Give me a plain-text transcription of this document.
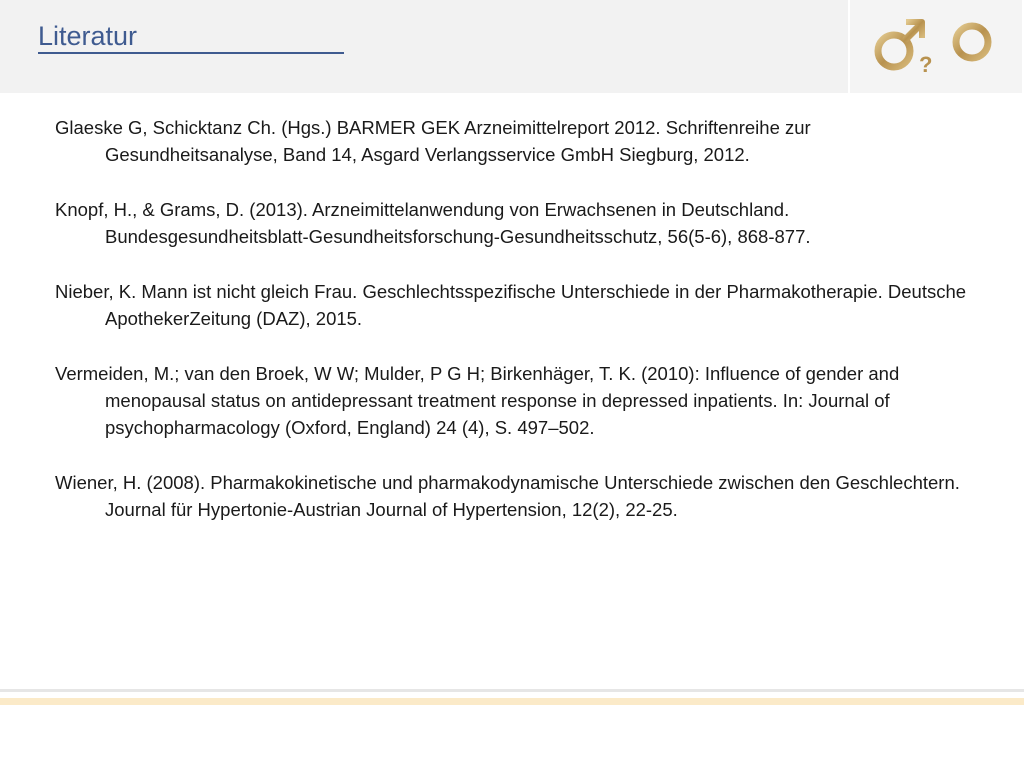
Literatur
?

Glaeske G, Schicktanz Ch. (Hgs.) BARMER GEK Arzneimittelreport 2012. Schriftenreihe zur Gesundheitsanalyse, Band 14, Asgard Verlangsservice GmbH Siegburg, 2012.

Knopf, H., & Grams, D. (2013). Arzneimittelanwendung von Erwachsenen in Deutschland. Bundesgesundheitsblatt-Gesundheitsforschung-Gesundheitsschutz, 56(5-6), 868-877.

Nieber, K. Mann ist nicht gleich Frau. Geschlechtsspezifische Unterschiede in der Pharmakotherapie. Deutsche ApothekerZeitung (DAZ), 2015.

Vermeiden, M.; van den Broek, W W; Mulder, P G H; Birkenhäger, T. K. (2010): Influence of gender and menopausal status on antidepressant treatment response in depressed inpatients. In: Journal of psychopharmacology (Oxford, England) 24 (4), S. 497–502.

Wiener, H. (2008). Pharmakokinetische und pharmakodynamische Unterschiede zwischen den Geschlechtern. Journal für Hypertonie-Austrian Journal of Hypertension, 12(2), 22-25.
